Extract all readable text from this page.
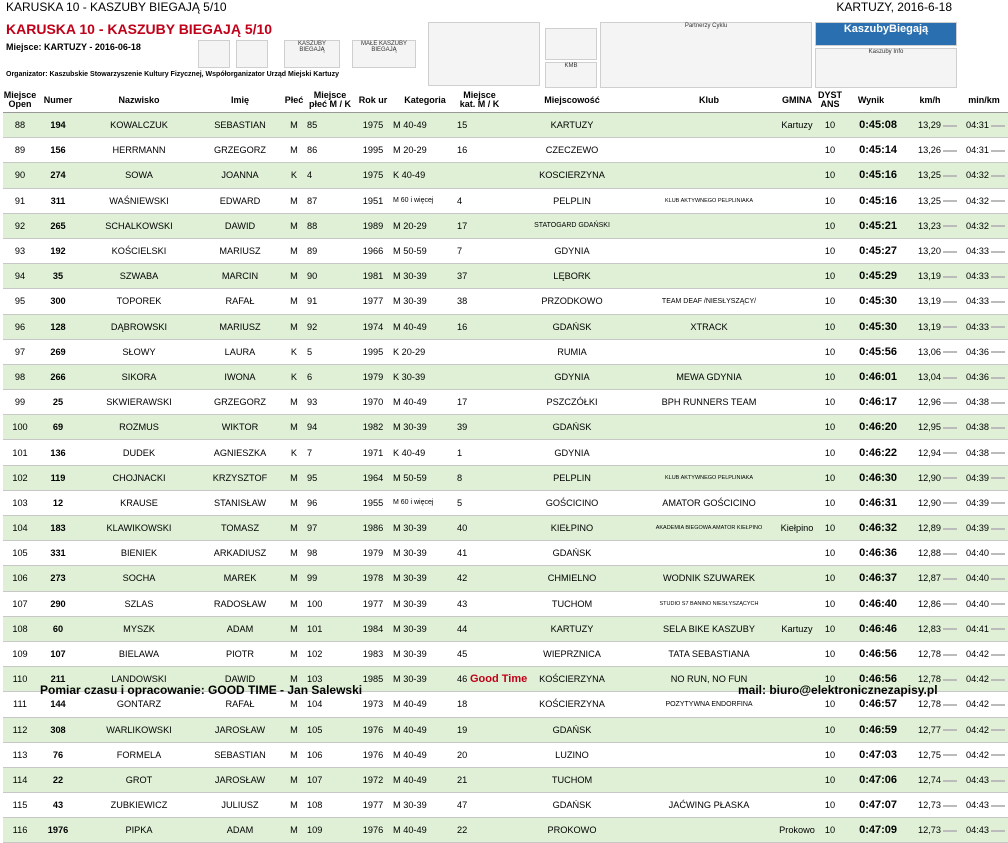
KARUSKA 10 - KASZUBY BIEGAJĄ 5/10	KARTUZY, 2016-6-18
KARUSKA 10 - KASZUBY BIEGAJĄ 5/10
Miejsce: KARTUZY - 2016-06-18
Organizator: Kaszubskie Stowarzyszenie Kultury Fizycznej, Współorganizator Urząd Miejski Kartuzy
KASZUBY BIEGAJĄ
MAŁE KASZUBY BIEGAJĄ
KMB
Partnerzy Cyklu	KaszubyBiegają
Kaszuby Info
Miejsce Open	Numer	Nazwisko	Imię	Płeć	Miejsce płeć M / K	Rok ur	Kategoria	Miejsce kat. M / K	Miejscowość	Klub	GMINA	DYST ANS	Wynik	km/h	min/km
88	194	KOWALCZUK	SEBASTIAN	M	85	1975	M 40-49	15	KARTUZY		Kartuzy	10	0:45:08	13,29	04:31
89	156	HERRMANN	GRZEGORZ	M	86	1995	M 20-29	16	CZECZEWO			10	0:45:14	13,26	04:31
90	274	SOWA	JOANNA	K	4	1975	K 40-49		KOSCIERZYNA			10	0:45:16	13,25	04:32
91	311	WAŚNIEWSKI	EDWARD	M	87	1951	M 60 i więcej	4	PELPLIN	KLUB AKTYWNEGO PELPLINIAKA		10	0:45:16	13,25	04:32
92	265	SCHALKOWSKI	DAWID	M	88	1989	M 20-29	17	STATOGARD GDAŃSKI			10	0:45:21	13,23	04:32
93	192	KOŚCIELSKI	MARIUSZ	M	89	1966	M 50-59	7	GDYNIA			10	0:45:27	13,20	04:33
94	35	SZWABA	MARCIN	M	90	1981	M 30-39	37	LĘBORK			10	0:45:29	13,19	04:33
95	300	TOPOREK	RAFAŁ	M	91	1977	M 30-39	38	PRZODKOWO	TEAM DEAF /NIESŁYSZĄCY/		10	0:45:30	13,19	04:33
96	128	DĄBROWSKI	MARIUSZ	M	92	1974	M 40-49	16	GDAŃSK	XTRACK		10	0:45:30	13,19	04:33
97	269	SŁOWY	LAURA	K	5	1995	K 20-29		RUMIA			10	0:45:56	13,06	04:36
98	266	SIKORA	IWONA	K	6	1979	K 30-39		GDYNIA	MEWA GDYNIA		10	0:46:01	13,04	04:36
99	25	SKWIERAWSKI	GRZEGORZ	M	93	1970	M 40-49	17	PSZCZÓŁKI	BPH RUNNERS TEAM		10	0:46:17	12,96	04:38
100	69	ROZMUS	WIKTOR	M	94	1982	M 30-39	39	GDAŃSK			10	0:46:20	12,95	04:38
101	136	DUDEK	AGNIESZKA	K	7	1971	K 40-49	1	GDYNIA			10	0:46:22	12,94	04:38
102	119	CHOJNACKI	KRZYSZTOF	M	95	1964	M 50-59	8	PELPLIN	KLUB AKTYWNEGO PELPLINIAKA		10	0:46:30	12,90	04:39
103	12	KRAUSE	STANISŁAW	M	96	1955	M 60 i więcej	5	GOŚCICINO	AMATOR GOŚCICINO		10	0:46:31	12,90	04:39
104	183	KLAWIKOWSKI	TOMASZ	M	97	1986	M 30-39	40	KIEŁPINO	AKADEMIA BIEGOWA AMATOR KIEŁPINO	Kiełpino	10	0:46:32	12,89	04:39
105	331	BIENIEK	ARKADIUSZ	M	98	1979	M 30-39	41	GDAŃSK			10	0:46:36	12,88	04:40
106	273	SOCHA	MAREK	M	99	1978	M 30-39	42	CHMIELNO	WODNIK SZUWAREK		10	0:46:37	12,87	04:40
107	290	SZLAS	RADOSŁAW	M	100	1977	M 30-39	43	TUCHOM	STUDIO S7 BANINO NIESŁYSZĄCYCH		10	0:46:40	12,86	04:40
108	60	MYSZK	ADAM	M	101	1984	M 30-39	44	KARTUZY	SELA BIKE KASZUBY	Kartuzy	10	0:46:46	12,83	04:41
109	107	BIELAWA	PIOTR	M	102	1983	M 30-39	45	WIEPRZNICA	TATA SEBASTIANA		10	0:46:56	12,78	04:42
110	211	LANDOWSKI	DAWID	M	103	1985	M 30-39	46	KOŚCIERZYNA	NO RUN, NO FUN		10	0:46:56	12,78	04:42
111	144	GONTARZ	RAFAŁ	M	104	1973	M 40-49	18	KOŚCIERZYNA	POZYTYWNA ENDORFINA		10	0:46:57	12,78	04:42
112	308	WARLIKOWSKI	JAROSŁAW	M	105	1976	M 40-49	19	GDAŃSK			10	0:46:59	12,77	04:42
113	76	FORMELA	SEBASTIAN	M	106	1976	M 40-49	20	LUZINO			10	0:47:03	12,75	04:42
114	22	GROT	JAROSŁAW	M	107	1972	M 40-49	21	TUCHOM			10	0:47:06	12,74	04:43
115	43	ZUBKIEWICZ	JULIUSZ	M	108	1977	M 30-39	47	GDAŃSK	JAĆWING PŁASKA		10	0:47:07	12,73	04:43
116	1976	PIPKA	ADAM	M	109	1976	M 40-49	22	PROKOWO		Prokowo	10	0:47:09	12,73	04:43
Pomiar czasu i opracowanie: GOOD TIME - Jan Salewski
Good Time
mail: biuro@elektronicznezapisy.pl
